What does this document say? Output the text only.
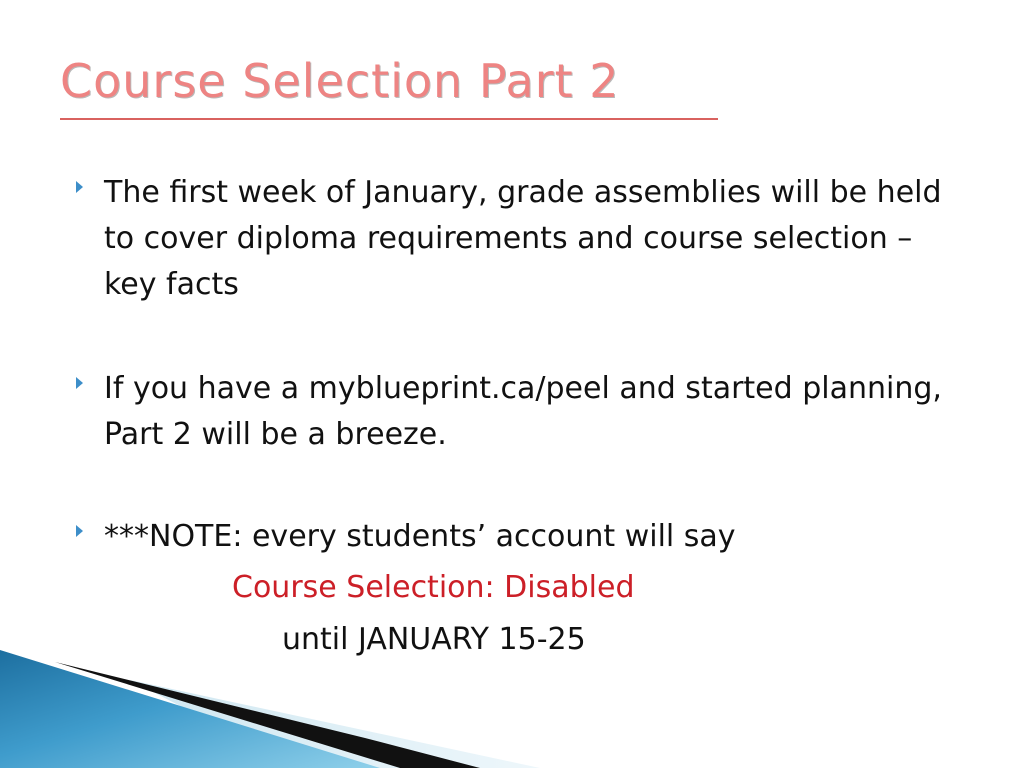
Course Selection Part 2
The first week of January, grade assemblies will be held to cover diploma requirements and course selection – key facts
If you have a myblueprint.ca/peel and started planning, Part 2 will be a breeze.
***NOTE: every students’ account will say
Course Selection: Disabled
until JANUARY 15-25
